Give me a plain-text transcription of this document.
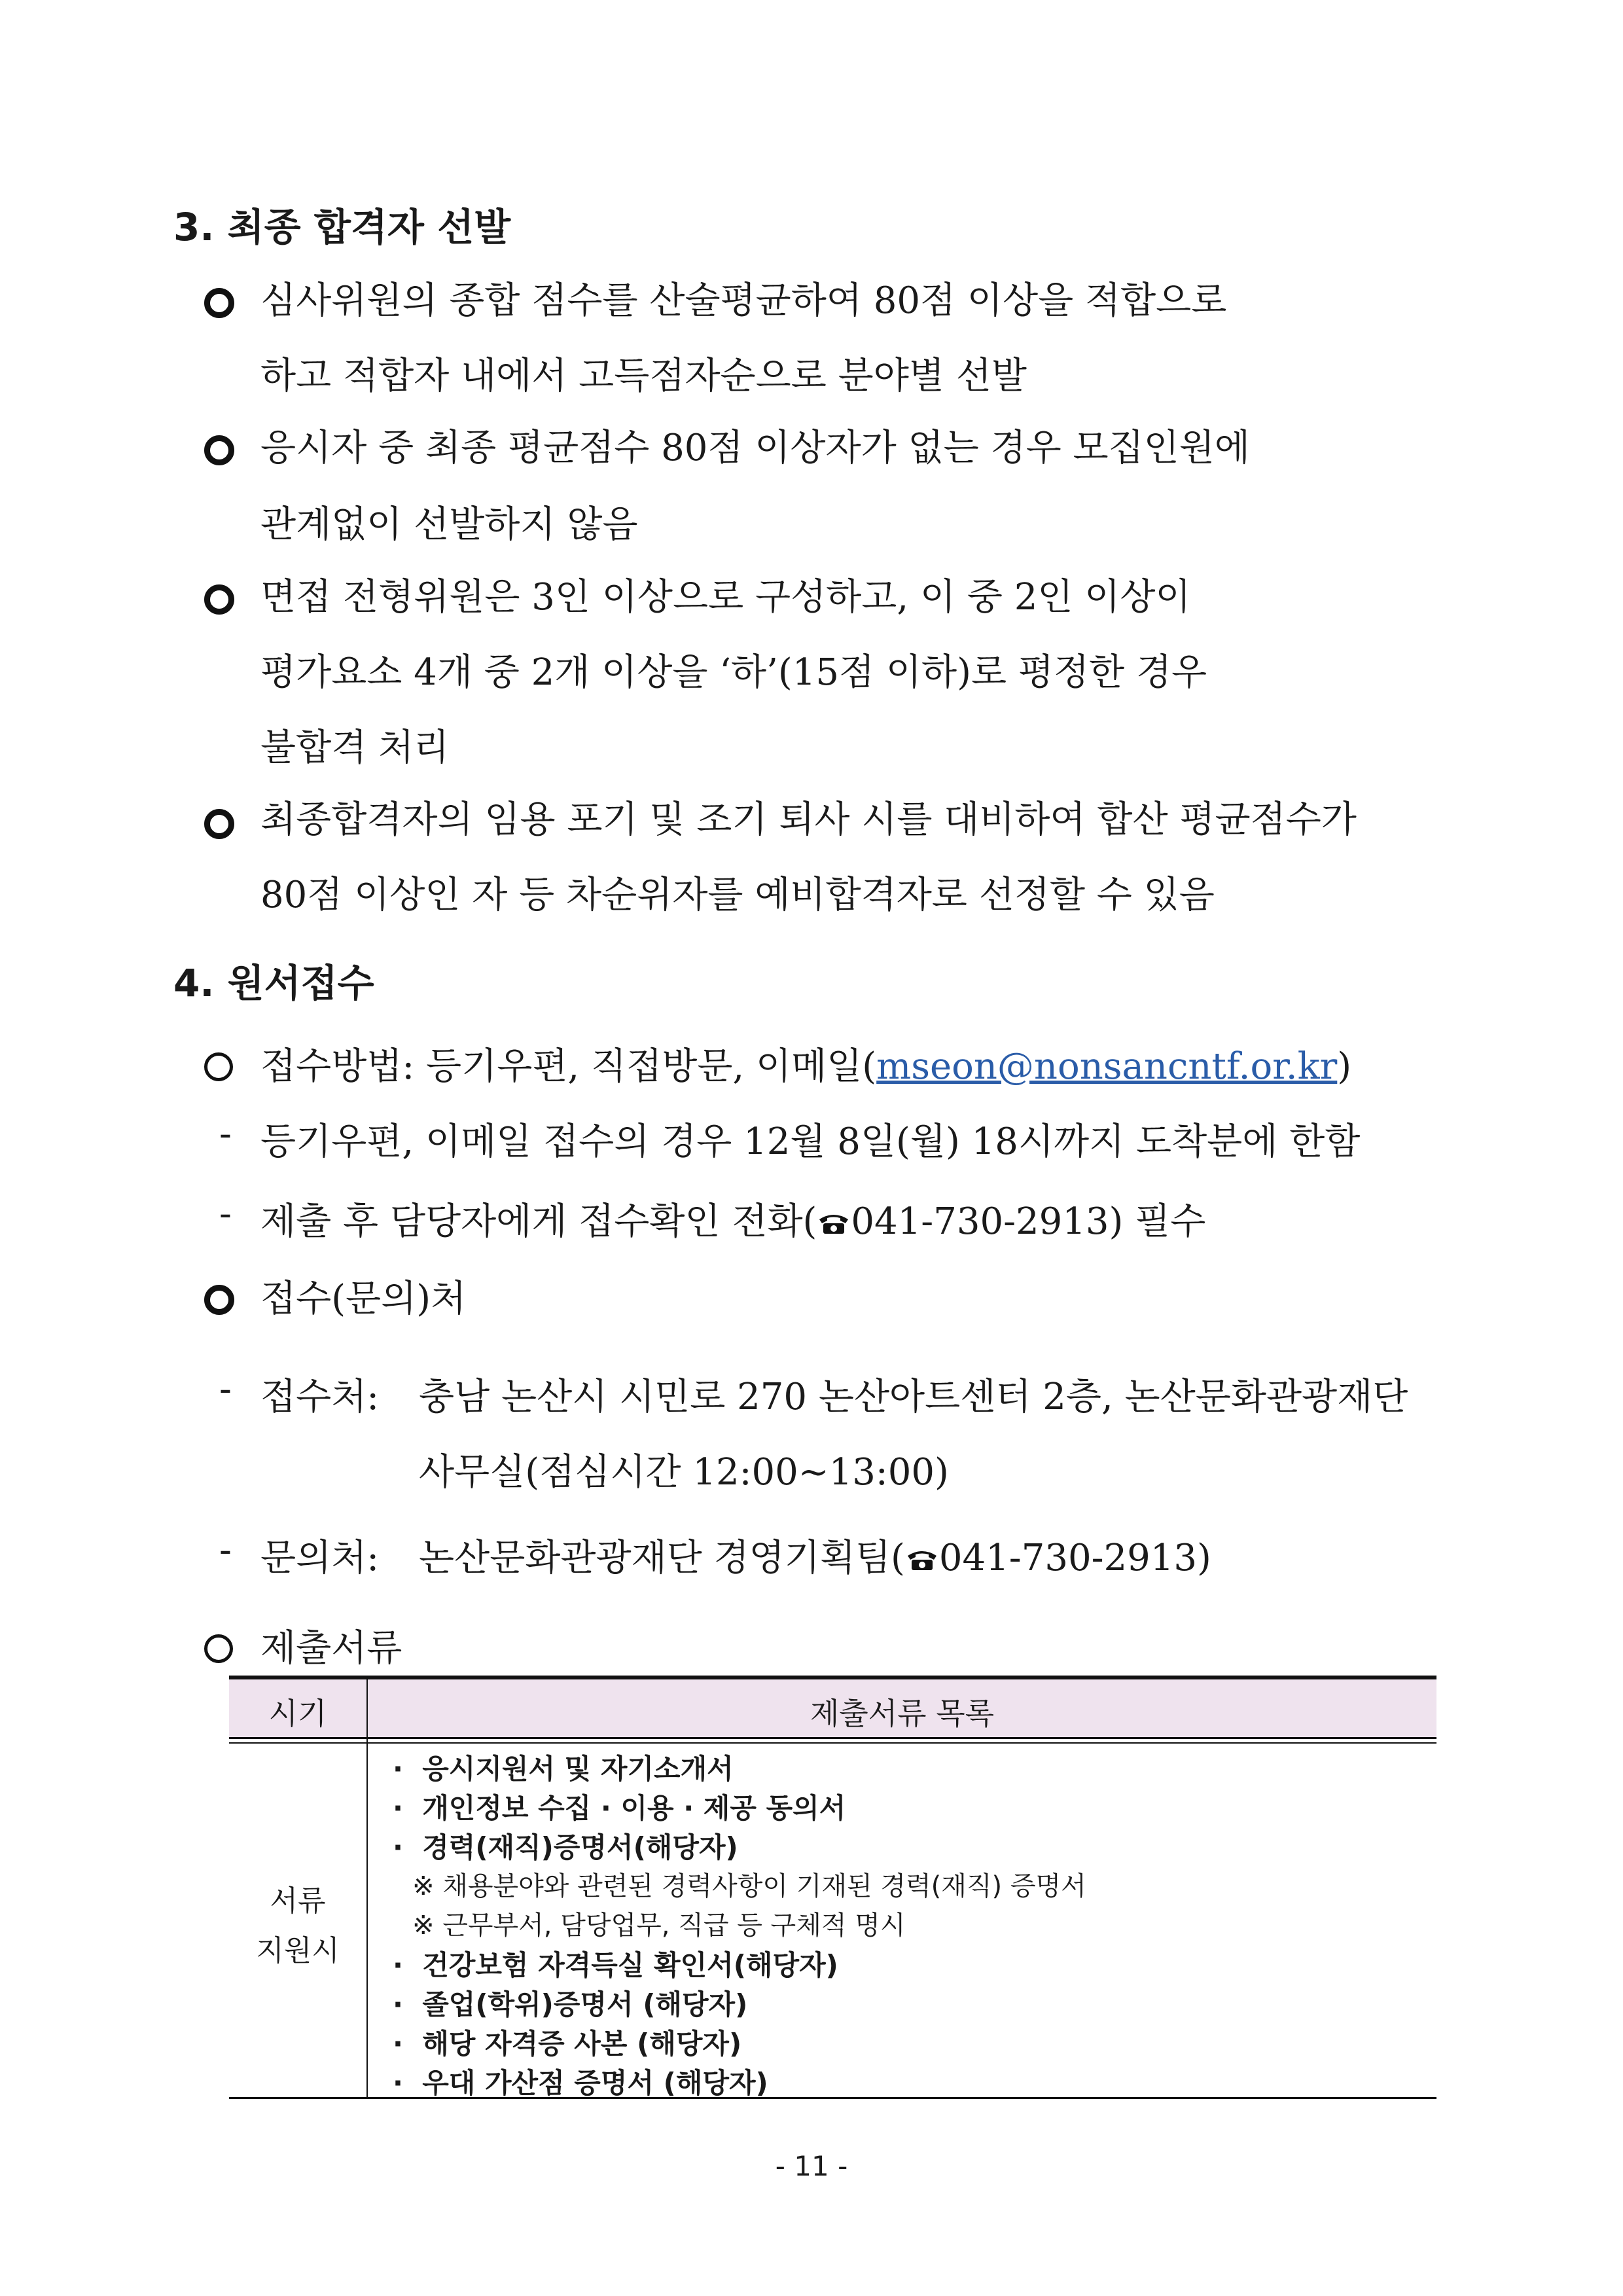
3. 최종 합격자 선발
심사위원의 종합 점수를 산술평균하여 80점 이상을 적합으로
하고 적합자 내에서 고득점자순으로 분야별 선발
응시자 중 최종 평균점수 80점 이상자가 없는 경우 모집인원에
관계없이 선발하지 않음
면접 전형위원은 3인 이상으로 구성하고, 이 중 2인 이상이
평가요소 4개 중 2개 이상을 ‘하’(15점 이하)로 평정한 경우
불합격 처리
최종합격자의 임용 포기 및 조기 퇴사 시를 대비하여 합산 평균점수가
80점 이상인 자 등 차순위자를 예비합격자로 선정할 수 있음
4. 원서접수
접수방법: 등기우편, 직접방문, 이메일(mseon@nonsancntf.or.kr)
- 등기우편, 이메일 접수의 경우 12월 8일(월) 18시까지 도착분에 한함
- 제출 후 담당자에게 접수확인 전화( 041-730-2913) 필수
접수(문의)처
- 접수처: 충남 논산시 시민로 270 논산아트센터 2층, 논산문화관광재단
사무실(점심시간 12:00~13:00)
- 문의처: 논산문화관광재단 경영기획팀( 041-730-2913)
제출서류
시기	제출서류 목록
서류
지원시
·  응시지원서 및 자기소개서
·  개인정보 수집 · 이용 · 제공 동의서
·  경력(재직)증명서(해당자)
※ 채용분야와 관련된 경력사항이 기재된 경력(재직) 증명서
※ 근무부서, 담당업무, 직급 등 구체적 명시
·  건강보험 자격득실 확인서(해당자)
·  졸업(학위)증명서 (해당자)
·  해당 자격증 사본 (해당자)
·  우대 가산점 증명서 (해당자)
- 11 -
